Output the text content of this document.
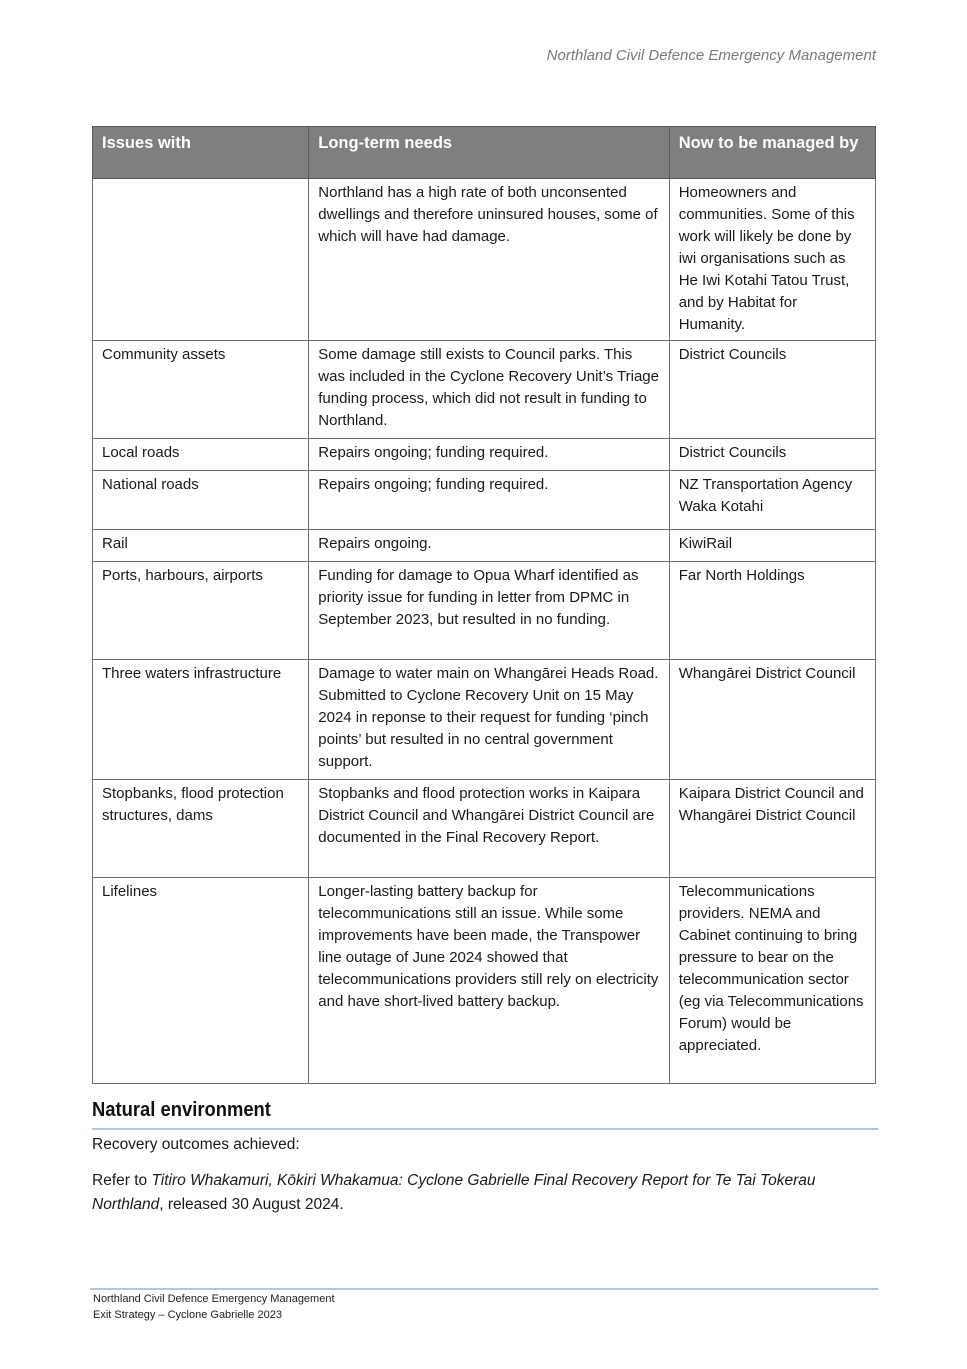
Northland Civil Defence Emergency Management
Issues with	Long-term needs	Now to be managed by
	Northland has a high rate of both unconsented dwellings and therefore uninsured houses, some of which will have had damage.	Homeowners and communities. Some of this work will likely be done by iwi organisations such as He Iwi Kotahi Tatou Trust, and by Habitat for Humanity.
Community assets	Some damage still exists to Council parks. This was included in the Cyclone Recovery Unit’s Triage funding process, which did not result in funding to Northland.	District Councils
Local roads	Repairs ongoing; funding required.	District Councils
National roads	Repairs ongoing; funding required.	NZ Transportation Agency Waka Kotahi
Rail	Repairs ongoing.	KiwiRail
Ports, harbours, airports	Funding for damage to Opua Wharf identified as priority issue for funding in letter from DPMC in September 2023, but resulted in no funding.	Far North Holdings
Three waters infrastructure	Damage to water main on Whangārei Heads Road. Submitted to Cyclone Recovery Unit on 15 May 2024 in reponse to their request for funding ‘pinch points’ but resulted in no central government support.	Whangārei District Council
Stopbanks, flood protection structures, dams	Stopbanks and flood protection works in Kaipara District Council and Whangārei District Council are documented in the Final Recovery Report.	Kaipara District Council and Whangārei District Council
Lifelines	Longer-lasting battery backup for telecommunications still an issue. While some improvements have been made, the Transpower line outage of June 2024 showed that telecommunications providers still rely on electricity and have short-lived battery backup.	Telecommunications providers. NEMA and Cabinet continuing to bring pressure to bear on the telecommunication sector (eg via Telecommunications Forum) would be appreciated.
Natural environment
Recovery outcomes achieved:
Refer to Titiro Whakamuri, Kōkiri Whakamua: Cyclone Gabrielle Final Recovery Report for Te Tai Tokerau Northland, released 30 August 2024.
Northland Civil Defence Emergency Management
Exit Strategy – Cyclone Gabrielle 2023
